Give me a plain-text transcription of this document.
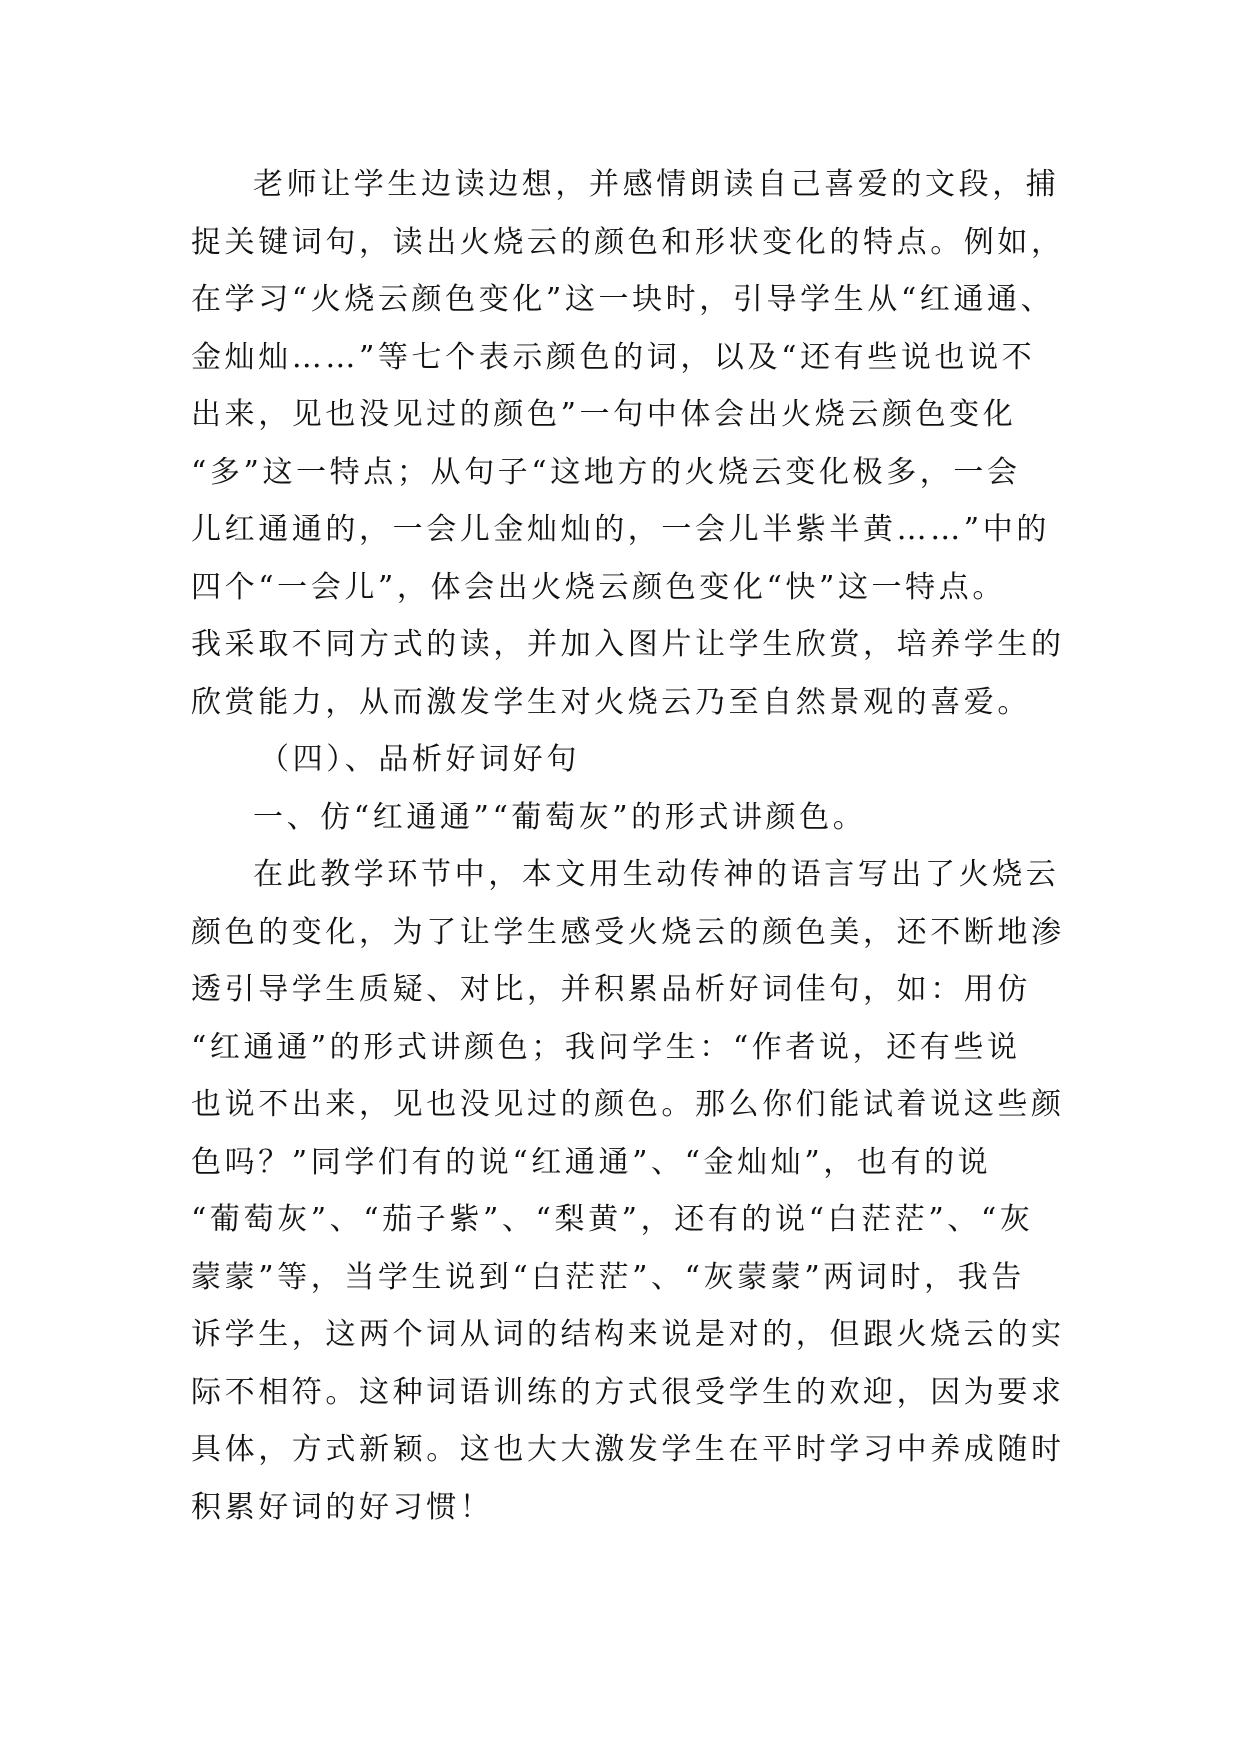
老师让学生边读边想，并感情朗读自己喜爱的文段，捕
捉关键词句，读出火烧云的颜色和形状变化的特点。例如，
在学习“火烧云颜色变化”这一块时，引导学生从“红通通、
金灿灿……”等七个表示颜色的词，以及“还有些说也说不
出来，见也没见过的颜色”一句中体会出火烧云颜色变化
“多”这一特点；从句子“这地方的火烧云变化极多，一会
儿红通通的，一会儿金灿灿的，一会儿半紫半黄……”中的
四个“一会儿”，体会出火烧云颜色变化“快”这一特点。
我采取不同方式的读，并加入图片让学生欣赏，培养学生的
欣赏能力，从而激发学生对火烧云乃至自然景观的喜爱。
（四）、品析好词好句
一、仿“红通通”“葡萄灰”的形式讲颜色。
在此教学环节中，本文用生动传神的语言写出了火烧云
颜色的变化，为了让学生感受火烧云的颜色美，还不断地渗
透引导学生质疑、对比，并积累品析好词佳句，如：用仿
“红通通”的形式讲颜色；我问学生：“作者说，还有些说
也说不出来，见也没见过的颜色。那么你们能试着说这些颜
色吗？”同学们有的说“红通通”、“金灿灿”，也有的说
“葡萄灰”、“茄子紫”、“梨黄”，还有的说“白茫茫”、“灰
蒙蒙”等，当学生说到“白茫茫”、“灰蒙蒙”两词时，我告
诉学生，这两个词从词的结构来说是对的，但跟火烧云的实
际不相符。这种词语训练的方式很受学生的欢迎，因为要求
具体，方式新颖。这也大大激发学生在平时学习中养成随时
积累好词的好习惯！
